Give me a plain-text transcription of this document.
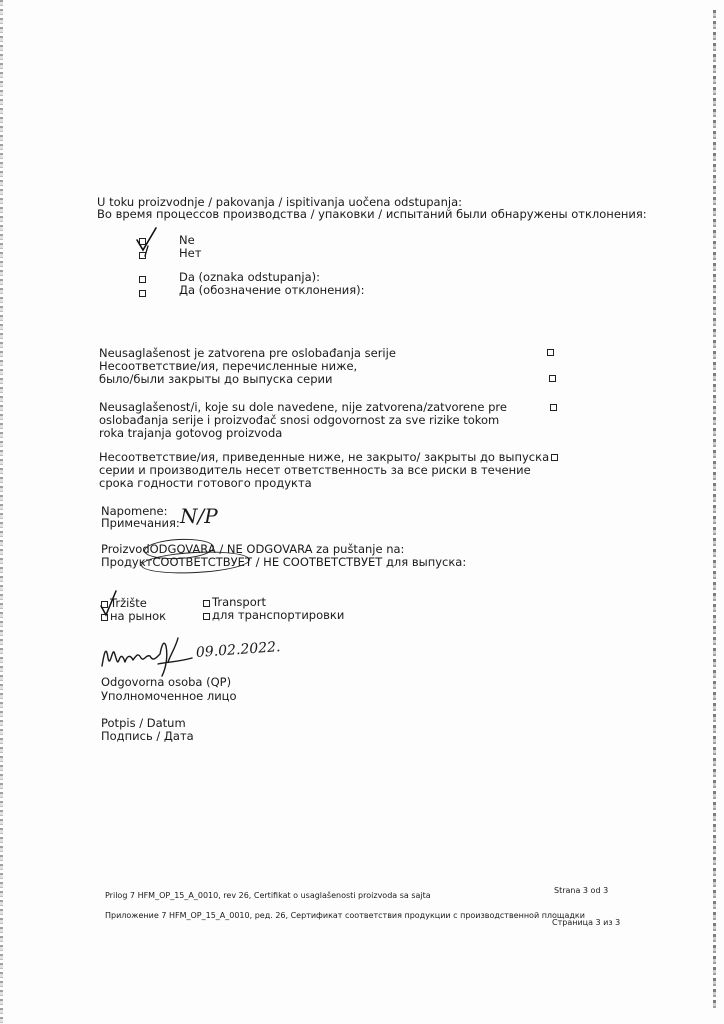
U toku proizvodnje / pakovanja / ispitivanja uočena odstupanja:
Во время процессов производства / упаковки / испытаний были обнаружены отклонения:
Ne
Нет
Da (oznaka odstupanja):
Да (обозначение отклонения):
Neusaglašenost je zatvorena pre oslobađanja serije
Несоответствие/ия, перечисленные ниже,
было/были закрыты до выпуска серии
Neusaglašenost/i, koje su dole navedene, nije zatvorena/zatvorene pre
oslobađanja serije i proizvođač snosi odgovornost za sve rizike tokom
roka trajanja gotovog proizvoda
Несоответствие/ия, приведенные ниже, не закрыто/ закрыты до выпуска
серии и производитель несет ответственность за все риски в течение
срока годности готового продукта
Napomene:
Примечания: N/P
ProizvodODGOVARA / NE ODGOVARA za puštanje na:
ПродуктСООТВЕТСТВУЕТ / НЕ СООТВЕТСТВУЕТ для выпуска:
Tržište
на рынок
Transport
для транспортировки
09.02.2022.
Odgovorna osoba (QP)
Уполномоченное лицо
Potpis / Datum
Подпись / Дата
Prilog 7 HFM_OP_15_A_0010, rev 26, Certifikat o usaglašenosti proizvoda sa sajta
Strana 3 od 3
Приложение 7 HFM_OP_15_A_0010, ред. 26, Сертификат соответствия продукции с производственной площадки
Страница 3 из 3
